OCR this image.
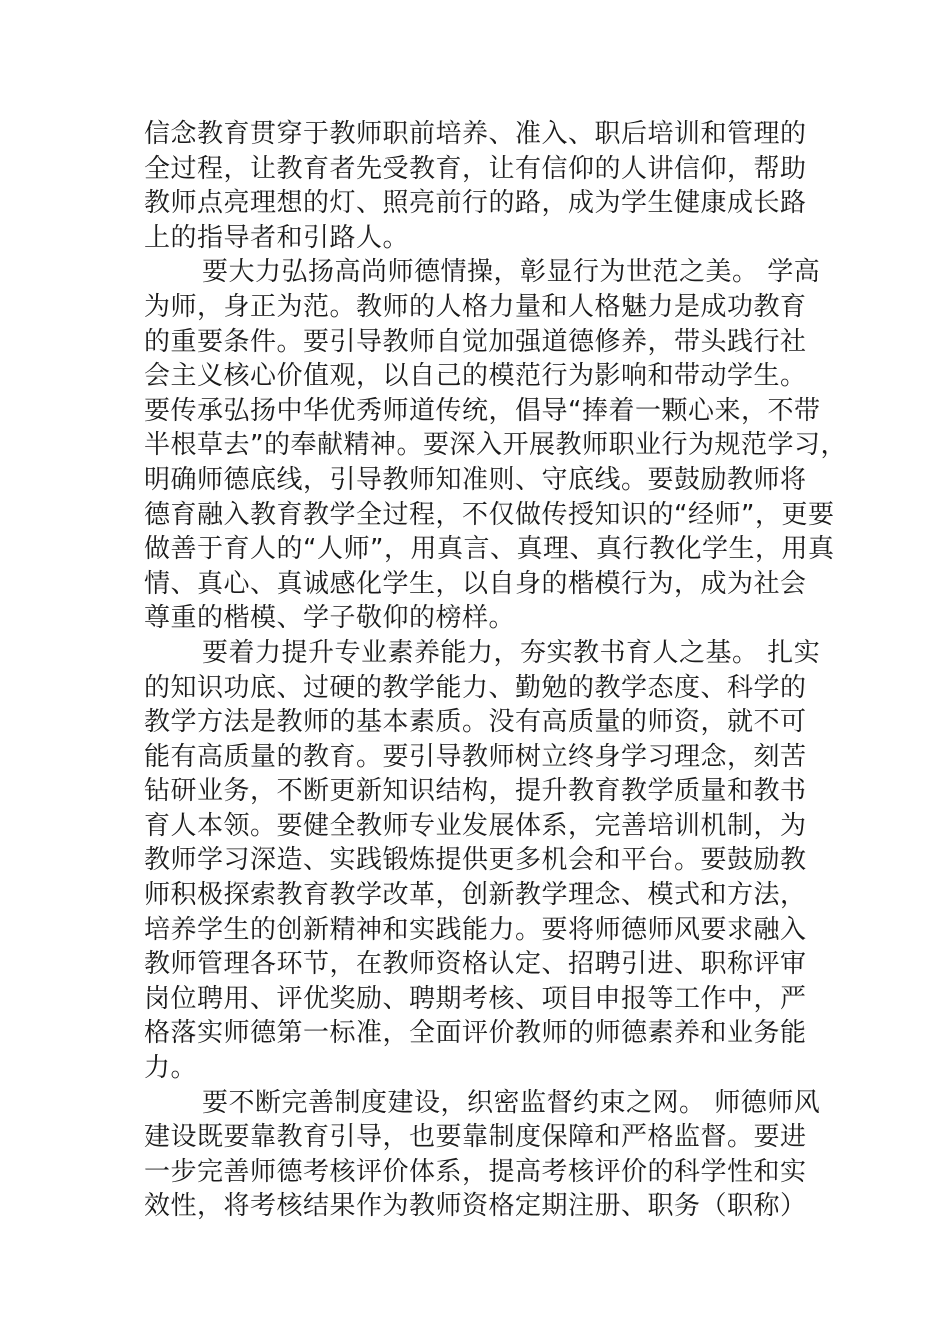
信念教育贯穿于教师职前培养、准入、职后培训和管理的
全过程，让教育者先受教育，让有信仰的人讲信仰，帮助
教师点亮理想的灯、照亮前行的路，成为学生健康成长路
上的指导者和引路人。
要大力弘扬高尚师德情操，彰显行为世范之美。 学高
为师，身正为范。教师的人格力量和人格魅力是成功教育
的重要条件。要引导教师自觉加强道德修养，带头践行社
会主义核心价值观，以自己的模范行为影响和带动学生。
要传承弘扬中华优秀师道传统，倡导“捧着一颗心来，不带
半根草去”的奉献精神。要深入开展教师职业行为规范学习，
明确师德底线，引导教师知准则、守底线。要鼓励教师将
德育融入教育教学全过程，不仅做传授知识的“经师”，更要
做善于育人的“人师”，用真言、真理、真行教化学生，用真
情、真心、真诚感化学生，以自身的楷模行为，成为社会
尊重的楷模、学子敬仰的榜样。
要着力提升专业素养能力，夯实教书育人之基。 扎实
的知识功底、过硬的教学能力、勤勉的教学态度、科学的
教学方法是教师的基本素质。没有高质量的师资，就不可
能有高质量的教育。要引导教师树立终身学习理念，刻苦
钻研业务，不断更新知识结构，提升教育教学质量和教书
育人本领。要健全教师专业发展体系，完善培训机制，为
教师学习深造、实践锻炼提供更多机会和平台。要鼓励教
师积极探索教育教学改革，创新教学理念、模式和方法，
培养学生的创新精神和实践能力。要将师德师风要求融入
教师管理各环节，在教师资格认定、招聘引进、职称评审
岗位聘用、评优奖励、聘期考核、项目申报等工作中，严
格落实师德第一标准，全面评价教师的师德素养和业务能
力。
要不断完善制度建设，织密监督约束之网。 师德师风
建设既要靠教育引导，也要靠制度保障和严格监督。要进
一步完善师德考核评价体系，提高考核评价的科学性和实
效性，将考核结果作为教师资格定期注册、职务（职称）
